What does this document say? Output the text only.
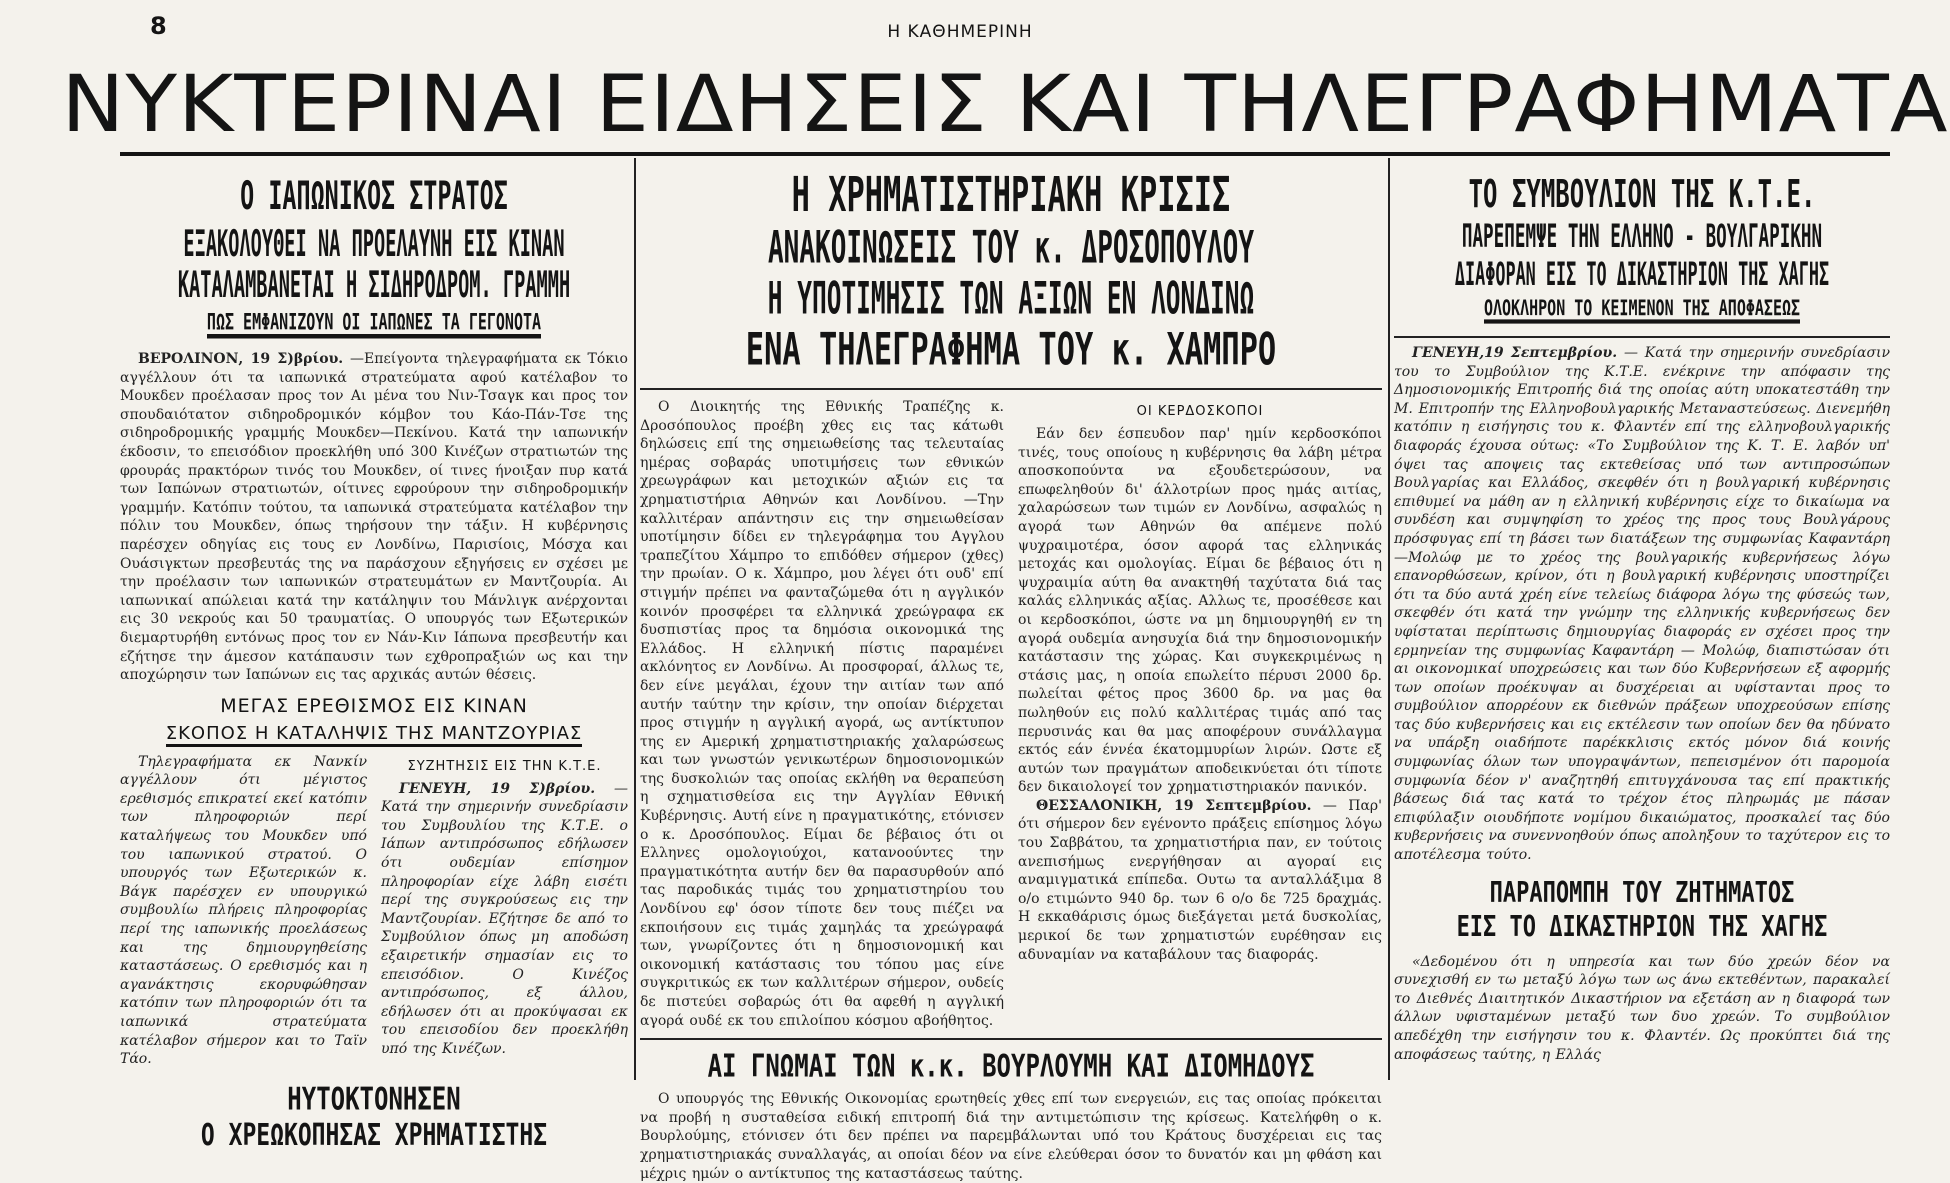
8	Η ΚΑΘΗΜΕΡΙΝΗ
ΝΥΚΤΕΡΙΝΑΙ ΕΙΔΗΣΕΙΣ ΚΑΙ ΤΗΛΕΓΡΑΦΗΜΑΤΑ
Ο ΙΑΠΩΝΙΚΟΣ ΣΤΡΑΤΟΣ
ΕΞΑΚΟΛΟΥΘΕΙ ΝΑ ΠΡΟΕΛΑΥΝΗ ΕΙΣ ΚΙΝΑΝ
ΚΑΤΑΛΑΜΒΑΝΕΤΑΙ Η ΣΙΔΗΡΟΔΡΟΜ. ΓΡΑΜΜΗ
ΠΩΣ ΕΜΦΑΝΙΖΟΥΝ ΟΙ ΙΑΠΩΝΕΣ ΤΑ ΓΕΓΟΝΟΤΑ

ΒΕΡΟΛΙΝΟΝ, 19 Σ)βρίου. —Επείγοντα τηλεγραφήματα εκ Τόκιο αγγέλλουν ότι τα ιαπωνικά στρατεύματα αφού κατέλαβον το Μουκδεν προέλασαν προς τον Αι μένα του Νιν-Τσαγκ και προς τον σπουδαιότατον σιδηροδρομικόν κόμβον του Κάο-Πάν-Τσε της σιδηροδρομικής γραμμής Μουκδεν—Πεκίνου. Κατά την ιαπωνικήν έκδοσιν, το επεισόδιον προεκλήθη υπό 300 Κινέζων στρατιωτών της φρουράς πρακτόρων τινός του Μουκδεν, οί τινες ήνοιξαν πυρ κατά των Ιαπώνων στρατιωτών, οίτινες εφρούρουν την σιδηροδρομικήν γραμμήν. Κατόπιν τούτου, τα ιαπωνικά στρατεύματα κατέλαβον την πόλιν του Μουκδεν, όπως τηρήσουν την τάξιν. Η κυβέρνησις παρέσχεν οδηγίας εις τους εν Λονδίνω, Παρισίοις, Μόσχα και Ουάσιγκτων πρεσβευτάς της να παράσχουν εξηγήσεις εν σχέσει με την προέλασιν των ιαπωνικών στρατευμάτων εν Μαντζουρία. Αι ιαπωνικαί απώλειαι κατά την κατάληψιν του Μάνλιγκ ανέρχονται εις 30 νεκρούς και 50 τραυματίας. Ο υπουργός των Εξωτερικών διεμαρτυρήθη εντόνως προς τον εν Νάν-Κιν Ιάπωνα πρεσβευτήν και εζήτησε την άμεσον κατάπαυσιν των εχθροπραξιών ως και την αποχώρησιν των Ιαπώνων εις τας αρχικάς αυτών θέσεις.

ΜΕΓΑΣ ΕΡΕΘΙΣΜΟΣ ΕΙΣ ΚΙΝΑΝ
ΣΚΟΠΟΣ Η ΚΑΤΑΛΗΨΙΣ ΤΗΣ ΜΑΝΤΖΟΥΡΙΑΣ

Τηλεγραφήματα εκ Νανκίν αγγέλλουν ότι μέγιστος ερεθισμός επικρατεί εκεί κατόπιν των πληροφοριών περί καταλήψεως του Μουκδεν υπό του ιαπωνικού στρατού. Ο υπουργός των Εξωτερικών κ. Βάγκ παρέσχεν εν υπουργικώ συμβουλίω πλήρεις πληροφορίας περί της ιαπωνικής προελάσεως και της δημιουργηθείσης καταστάσεως. Ο ερεθισμός και η αγανάκτησις εκορυφώθησαν κατόπιν των πληροφοριών ότι τα ιαπωνικά στρατεύματα κατέλαβον σήμερον και το Ταϊν Τάο.

ΣΥΖΗΤΗΣΙΣ ΕΙΣ ΤΗΝ Κ.Τ.Ε.

ΓΕΝΕΥΗ, 19 Σ)βρίου. — Κατά την σημερινήν συνεδρίασιν του Συμβουλίου της Κ.Τ.Ε. ο Ιάπων αντιπρόσωπος εδήλωσεν ότι ουδεμίαν επίσημον πληροφορίαν είχε λάβη εισέτι περί της συγκρούσεως εις την Μαντζουρίαν. Εζήτησε δε από το Συμβούλιον όπως μη αποδώση εξαιρετικήν σημασίαν εις το επεισόδιον. Ο Κινέζος αντιπρόσωπος, εξ άλλου, εδήλωσεν ότι αι προκύψασαι εκ του επεισοδίου δεν προεκλήθη υπό της Κινέζων.

ΗΥΤΟΚΤΟΝΗΣΕΝ
Ο ΧΡΕΩΚΟΠΗΣΑΣ ΧΡΗΜΑΤΙΣΤΗΣ
Η ΧΡΗΜΑΤΙΣΤΗΡΙΑΚΗ ΚΡΙΣΙΣ
ΑΝΑΚΟΙΝΩΣΕΙΣ ΤΟΥ κ. ΔΡΟΣΟΠΟΥΛΟΥ
Η ΥΠΟΤΙΜΗΣΙΣ ΤΩΝ ΑΞΙΩΝ ΕΝ ΛΟΝΔΙΝΩ
ΕΝΑ ΤΗΛΕΓΡΑΦΗΜΑ ΤΟΥ κ. ΧΑΜΠΡΟ

Ο Διοικητής της Εθνικής Τραπέζης κ. Δροσόπουλος προέβη χθες εις τας κάτωθι δηλώσεις επί της σημειωθείσης τας τελευταίας ημέρας σοβαράς υποτιμήσεις των εθνικών χρεωγράφων και μετοχικών αξιών εις τα χρηματιστήρια Αθηνών και Λονδίνου. —Την καλλιτέραν απάντησιν εις την σημειωθείσαν υποτίμησιν δίδει εν τηλεγράφημα του Αγγλου τραπεζίτου Χάμπρο το επιδόθεν σήμερον (χθες) την πρωίαν. Ο κ. Χάμπρο, μου λέγει ότι ουδ' επί στιγμήν πρέπει να φανταζώμεθα ότι η αγγλικόν κοινόν προσφέρει τα ελληνικά χρεώγραφα εκ δυσπιστίας προς τα δημόσια οικονομικά της Ελλάδος. Η ελληνική πίστις παραμένει ακλόνητος εν Λονδίνω. Αι προσφοραί, άλλως τε, δεν είνε μεγάλαι, έχουν την αιτίαν των από αυτήν ταύτην την κρίσιν, την οποίαν διέρχεται προς στιγμήν η αγγλική αγορά, ως αντίκτυπον της εν Αμερική χρηματιστηριακής χαλαρώσεως και των γνωστών γενικωτέρων δημοσιονομικών της δυσκολιών τας οποίας εκλήθη να θεραπεύση η σχηματισθείσα εις την Αγγλίαν Εθνική Κυβέρνησις. Αυτή είνε η πραγματικότης, ετόνισεν ο κ. Δροσόπουλος. Είμαι δε βέβαιος ότι οι Ελληνες ομολογιούχοι, κατανοούντες την πραγματικότητα αυτήν δεν θα παρασυρθούν από τας παροδικάς τιμάς του χρηματιστηρίου του Λονδίνου εφ' όσον τίποτε δεν τους πιέζει να εκποιήσουν εις τιμάς χαμηλάς τα χρεώγραφά των, γνωρίζοντες ότι η δημοσιονομική και οικονομική κατάστασις του τόπου μας είνε συγκριτικώς εκ των καλλιτέρων σήμερον, ουδείς δε πιστεύει σοβαρώς ότι θα αφεθή η αγγλική αγορά ουδέ εκ του επιλοίπου κόσμου αβοήθητος.

ΟΙ ΚΕΡΔΟΣΚΟΠΟΙ

Εάν δεν έσπευδον παρ' ημίν κερδοσκόποι τινές, τους οποίους η κυβέρνησις θα λάβη μέτρα αποσκοπούντα να εξουδετερώσουν, να επωφεληθούν δι' άλλοτρίων προς ημάς αιτίας, χαλαρώσεων των τιμών εν Λονδίνω, ασφαλώς η αγορά των Αθηνών θα απέμενε πολύ ψυχραιμοτέρα, όσον αφορά τας ελληνικάς μετοχάς και ομολογίας. Είμαι δε βέβαιος ότι η ψυχραιμία αύτη θα ανακτηθή ταχύτατα διά τας καλάς ελληνικάς αξίας. Αλλως τε, προσέθεσε και οι κερδοσκόποι, ώστε να μη δημιουργηθή εν τη αγορά ουδεμία ανησυχία διά την δημοσιονομικήν κατάστασιν της χώρας. Και συγκεκριμένως η στάσις μας, η οποία επωλείτο πέρυσι 2000 δρ. πωλείται φέτος προς 3600 δρ. να μας θα πωληθούν εις πολύ καλλιτέρας τιμάς από τας περυσινάς και θα μας αποφέρουν συνάλλαγμα εκτός εάν έννέα έκατομμυρίων λιρών. Ωστε εξ αυτών των πραγμάτων αποδεικνύεται ότι τίποτε δεν δικαιολογεί τον χρηματιστηριακόν πανικόν.

ΘΕΣΣΑΛΟΝΙΚΗ, 19 Σεπτεμβρίου. — Παρ' ότι σήμερον δεν εγένοντο πράξεις επίσημος λόγω του Σαββάτου, τα χρηματιστήρια παν, εν τούτοις ανεπισήμως ενεργήθησαν αι αγοραί εις αναμιγματικά επίπεδα. Ουτω τα ανταλλάξιμα 8 ο/ο ετιμώντο 940 δρ. των 6 ο/ο δε 725 δραχμάς. Η εκκαθάρισις όμως διεξάγεται μετά δυσκολίας, μερικοί δε των χρηματιστών ευρέθησαν εις αδυναμίαν να καταβάλουν τας διαφοράς.

ΑΙ ΓΝΩΜΑΙ ΤΩΝ κ.κ. ΒΟΥΡΛΟΥΜΗ ΚΑΙ ΔΙΟΜΗΔΟΥΣ

Ο υπουργός της Εθνικής Οικονομίας ερωτηθείς χθες επί των ενεργειών, εις τας οποίας πρόκειται να προβή η συσταθείσα ειδική επιτροπή διά την αντιμετώπισιν της κρίσεως. Κατελήφθη ο κ. Βουρλούμης, ετόνισεν ότι δεν πρέπει να παρεμβάλωνται υπό του Κράτους δυσχέρειαι εις τας χρηματιστηριακάς συναλλαγάς, αι οποίαι δέον να είνε ελεύθεραι όσον το δυνατόν και μη φθάση και μέχρις ημών ο αντίκτυπος της καταστάσεως ταύτης.

ΤΟ ΣΥΜΒΟΥΛΙΟΝ ΤΗΣ Κ.Τ.Ε.
ΠΑΡΕΠΕΜΨΕ ΤΗΝ ΕΛΛΗΝΟ - ΒΟΥΛΓΑΡΙΚΗΝ
ΔΙΑΦΟΡΑΝ ΕΙΣ ΤΟ ΔΙΚΑΣΤΗΡΙΟΝ ΤΗΣ ΧΑΓΗΣ
ΟΛΟΚΛΗΡΟΝ ΤΟ ΚΕΙΜΕΝΟΝ ΤΗΣ ΑΠΟΦΑΣΕΩΣ

ΓΕΝΕΥΗ,19 Σεπτεμβρίου. — Κατά την σημερινήν συνεδρίασιν του το Συμβούλιον της Κ.Τ.Ε. ενέκρινε την απόφασιν της Δημοσιονομικής Επιτροπής διά της οποίας αύτη υποκατεστάθη την Μ. Επιτροπήν της Ελληνοβουλγαρικής Μεταναστεύσεως. Διενεμήθη κατόπιν η εισήγησις του κ. Φλαντέν επί της ελληνοβουλγαρικής διαφοράς έχουσα ούτως: «Το Συμβούλιον της Κ. Τ. Ε. λαβόν υπ' όψει τας αποψεις τας εκτεθείσας υπό των αντιπροσώπων Βουλγαρίας και Ελλάδος, σκεφθέν ότι η βουλγαρική κυβέρνησις επιθυμεί να μάθη αν η ελληνική κυβέρνησις είχε το δικαίωμα να συνδέση και συμψηφίση το χρέος της προς τους Βουλγάρους πρόσφυγας επί τη βάσει των διατάξεων της συμφωνίας Καφαντάρη—Μολώφ με το χρέος της βουλγαρικής κυβερνήσεως λόγω επανορθώσεων, κρίνον, ότι η βουλγαρική κυβέρνησις υποστηρίζει ότι τα δύο αυτά χρέη είνε τελείως διάφορα λόγω της φύσεώς των, σκεφθέν ότι κατά την γνώμην της ελληνικής κυβερνήσεως δεν υφίσταται περίπτωσις δημιουργίας διαφοράς εν σχέσει προς την ερμηνείαν της συμφωνίας Καφαντάρη — Μολώφ, διαπιστώσαν ότι αι οικονομικαί υποχρεώσεις και των δύο Κυβερνήσεων εξ αφορμής των οποίων προέκυψαν αι δυσχέρειαι αι υφίστανται προς το συμβούλιον απορρέουν εκ διεθνών πράξεων υποχρεούσων επίσης τας δύο κυβερνήσεις και εις εκτέλεσιν των οποίων δεν θα ηδύνατο να υπάρξη οιαδήποτε παρέκκλισις εκτός μόνον διά κοινής συμφωνίας όλων των υπογραψάντων, πεπεισμένον ότι παρομοία συμφωνία δέον ν' αναζητηθή επιτυγχάνουσα τας επί πρακτικής βάσεως διά τας κατά το τρέχον έτος πληρωμάς με πάσαν επιφύλαξιν οιουδήποτε νομίμου δικαιώματος, προσκαλεί τας δύο κυβερνήσεις να συνεννοηθούν όπως αποληξουν το ταχύτερον εις το αποτέλεσμα τούτο.

ΠΑΡΑΠΟΜΠΗ ΤΟΥ ΖΗΤΗΜΑΤΟΣ
ΕΙΣ ΤΟ ΔΙΚΑΣΤΗΡΙΟΝ ΤΗΣ ΧΑΓΗΣ

«Δεδομένου ότι η υπηρεσία και των δύο χρεών δέον να συνεχισθή εν τω μεταξύ λόγω των ως άνω εκτεθέντων, παρακαλεί το Διεθνές Διαιτητικόν Δικαστήριον να εξετάση αν η διαφορά των άλλων υφισταμένων μεταξύ των δυο χρεών. Το συμβούλιον απεδέχθη την εισήγησιν του κ. Φλαντέν. Ως προκύπτει διά της αποφάσεως ταύτης, η Ελλάς
